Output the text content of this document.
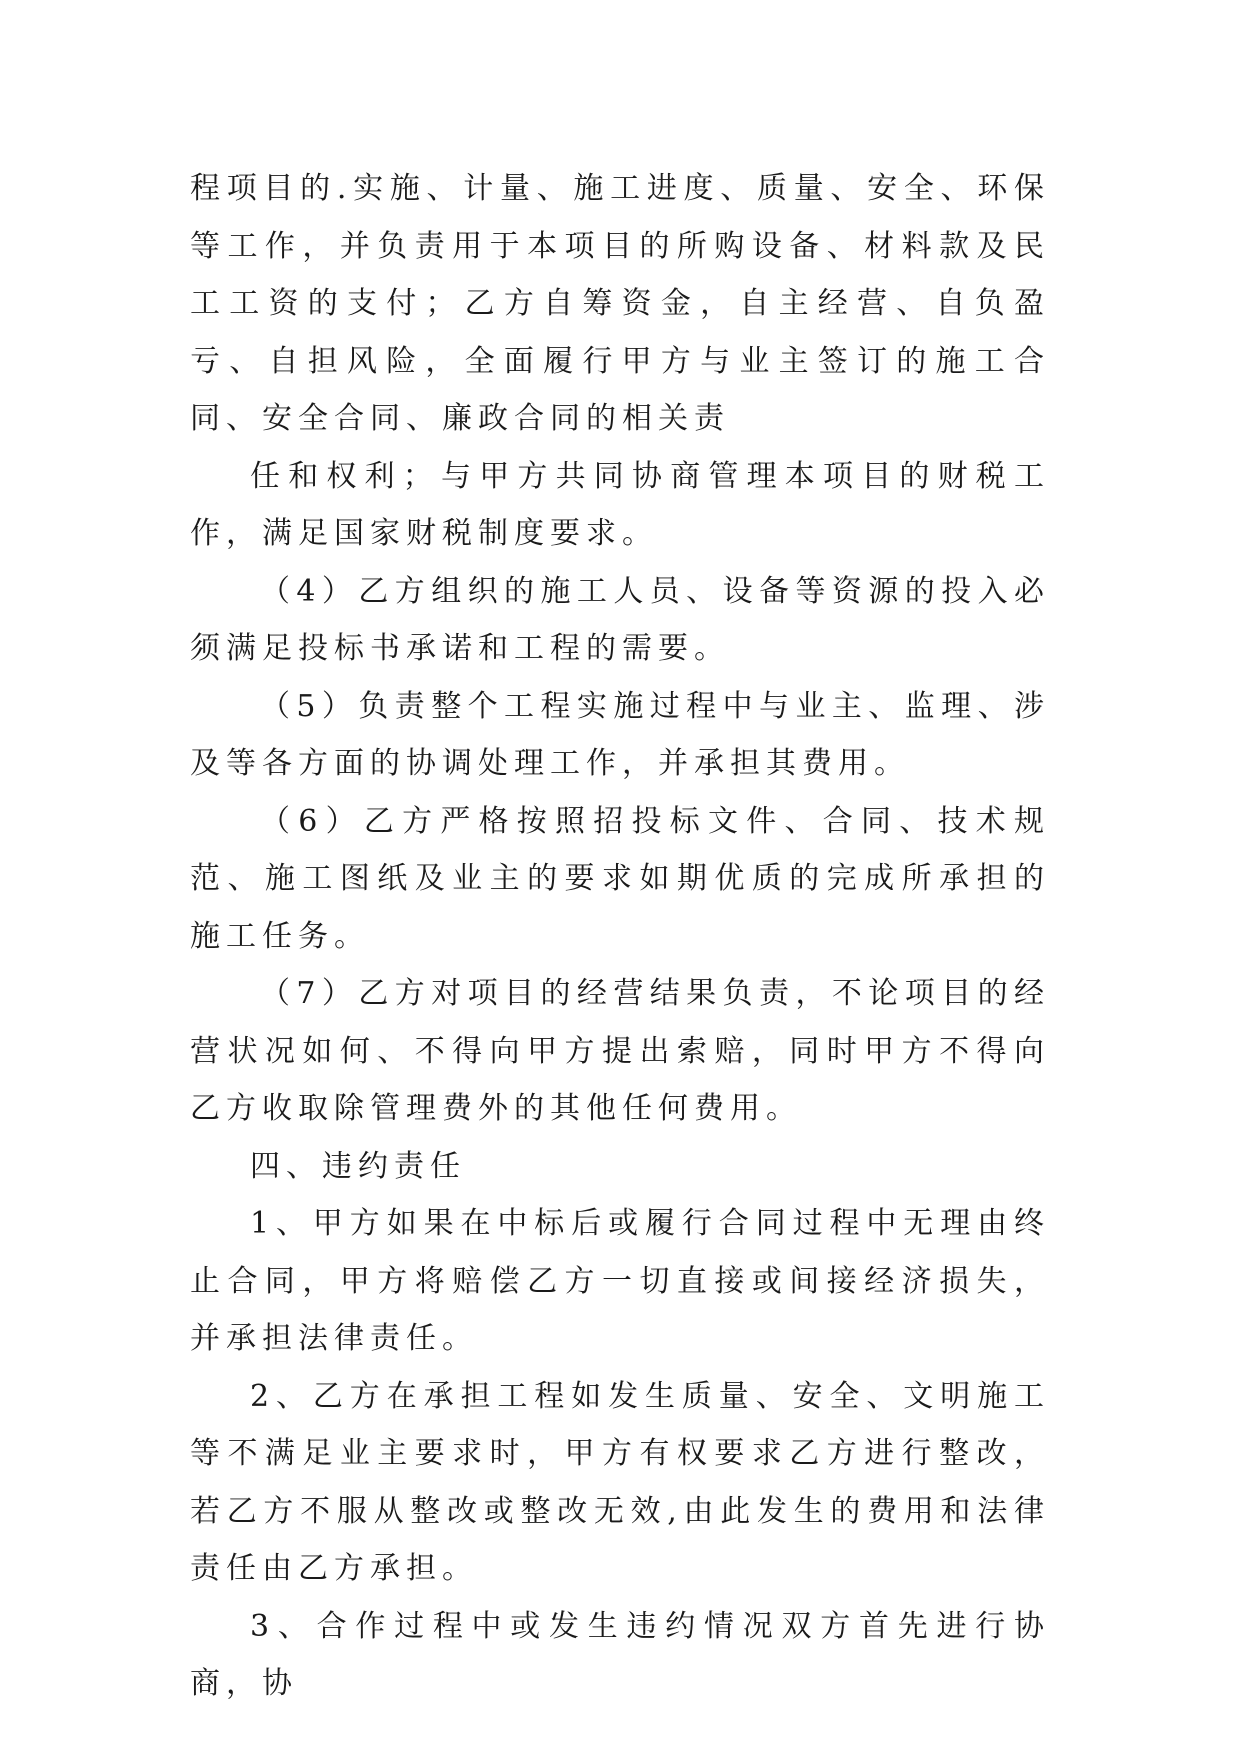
程项目的.实施、计量、施工进度、质量、安全、环保等工作，并负责用于本项目的所购设备、材料款及民工工资的支付；乙方自筹资金，自主经营、自负盈亏、自担风险，全面履行甲方与业主签订的施工合同、安全合同、廉政合同的相关责

任和权利；与甲方共同协商管理本项目的财税工作，满足国家财税制度要求。

（4）乙方组织的施工人员、设备等资源的投入必须满足投标书承诺和工程的需要。

（5）负责整个工程实施过程中与业主、监理、涉及等各方面的协调处理工作，并承担其费用。

（6）乙方严格按照招投标文件、合同、技术规范、施工图纸及业主的要求如期优质的完成所承担的施工任务。

（7）乙方对项目的经营结果负责，不论项目的经营状况如何、不得向甲方提出索赔，同时甲方不得向乙方收取除管理费外的其他任何费用。

四、违约责任

1、甲方如果在中标后或履行合同过程中无理由终止合同，甲方将赔偿乙方一切直接或间接经济损失，并承担法律责任。

2、乙方在承担工程如发生质量、安全、文明施工等不满足业主要求时，甲方有权要求乙方进行整改，若乙方不服从整改或整改无效,由此发生的费用和法律责任由乙方承担。

3、合作过程中或发生违约情况双方首先进行协商，协
